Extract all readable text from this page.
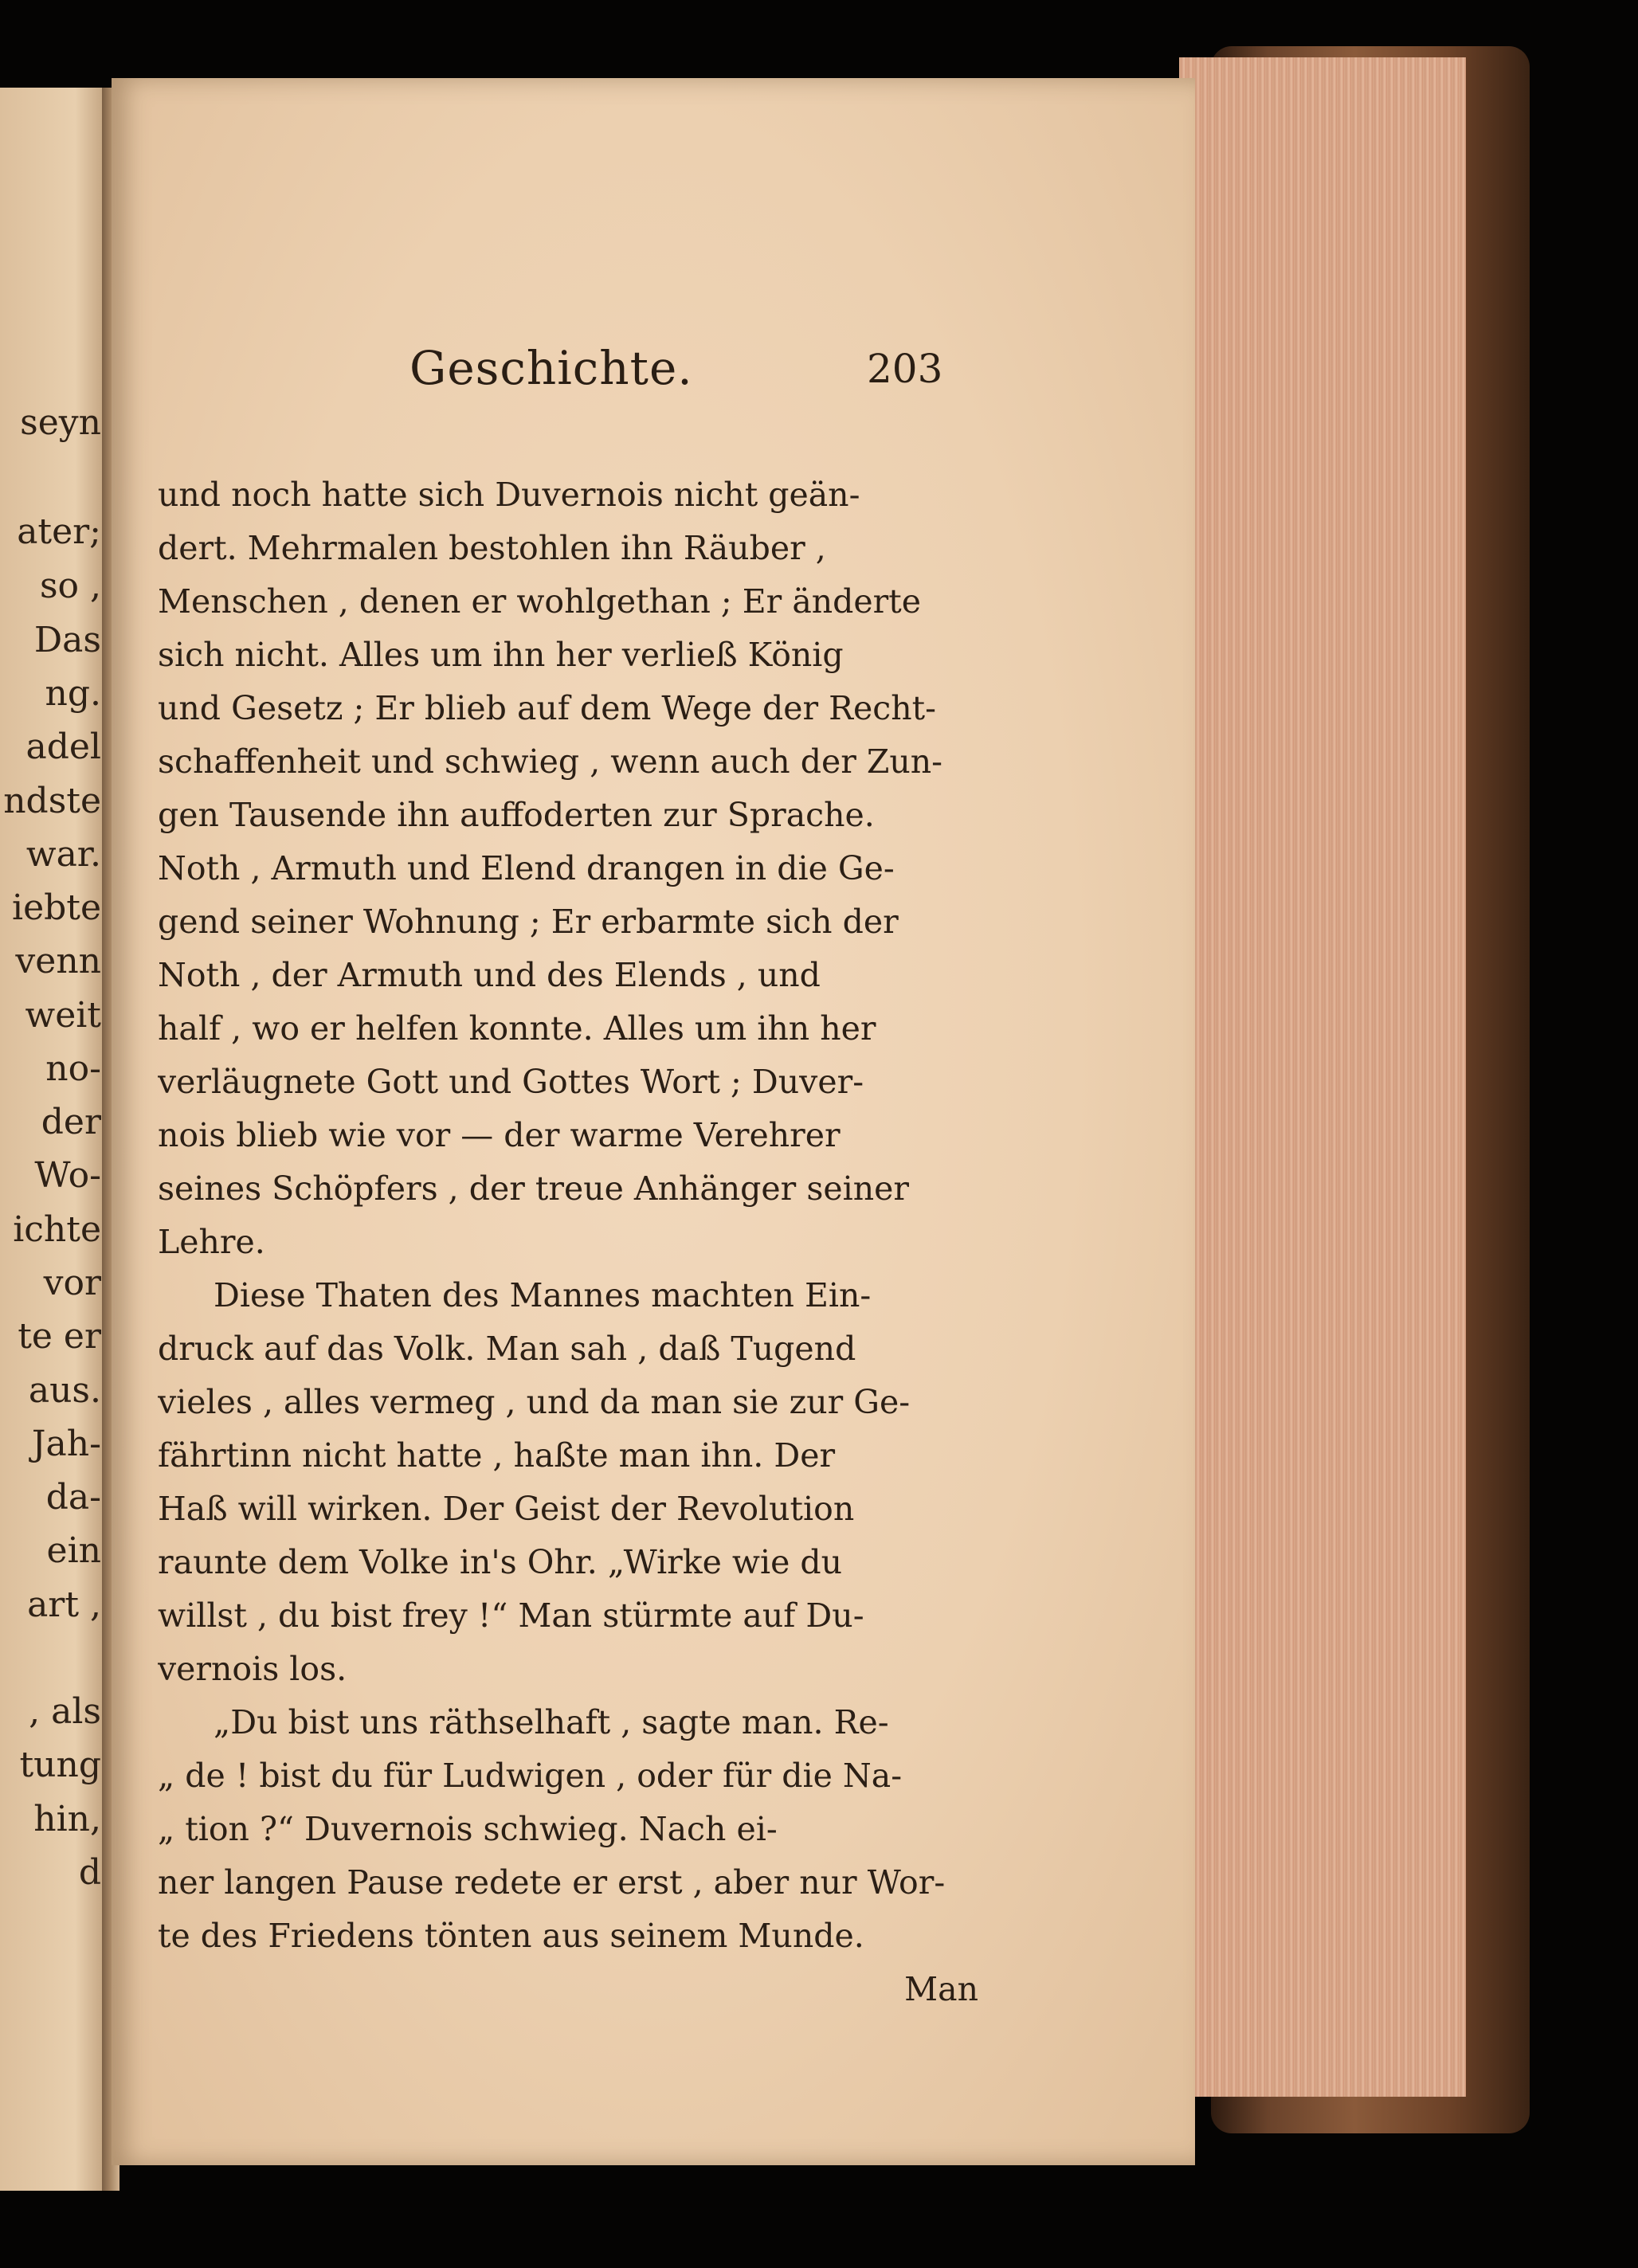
seyn
ater;
so ,
Das
ng.
adel
ndste
war.
iebte
venn
weit
no-
der
Wo-
ichte
vor
te er
aus.
Jah-
da-
ein
art ,
, als
tung
hin,
d
Geschichte.	203
und noch hatte sich Duvernois nicht geän-
dert. Mehrmalen bestohlen ihn Räuber ,
Menschen , denen er wohlgethan ; Er änderte
sich nicht. Alles um ihn her verließ König
und Gesetz ; Er blieb auf dem Wege der Recht-
schaffenheit und schwieg , wenn auch der Zun-
gen Tausende ihn auffoderten zur Sprache.
Noth , Armuth und Elend drangen in die Ge-
gend seiner Wohnung ; Er erbarmte sich der
Noth , der Armuth und des Elends , und
half , wo er helfen konnte. Alles um ihn her
verläugnete Gott und Gottes Wort ; Duver-
nois blieb wie vor — der warme Verehrer
seines Schöpfers , der treue Anhänger seiner
Lehre.
Diese Thaten des Mannes machten Ein-
druck auf das Volk. Man sah , daß Tugend
vieles , alles vermeg , und da man sie zur Ge-
fährtinn nicht hatte , haßte man ihn. Der
Haß will wirken. Der Geist der Revolution
raunte dem Volke in's Ohr. „Wirke wie du
willst , du bist frey !“ Man stürmte auf Du-
vernois los.
„Du bist uns räthselhaft , sagte man. Re-
„ de ! bist du für Ludwigen , oder für die Na-
„ tion ?“ Duvernois schwieg. Nach ei-
ner langen Pause redete er erst , aber nur Wor-
te des Friedens tönten aus seinem Munde.
Man
